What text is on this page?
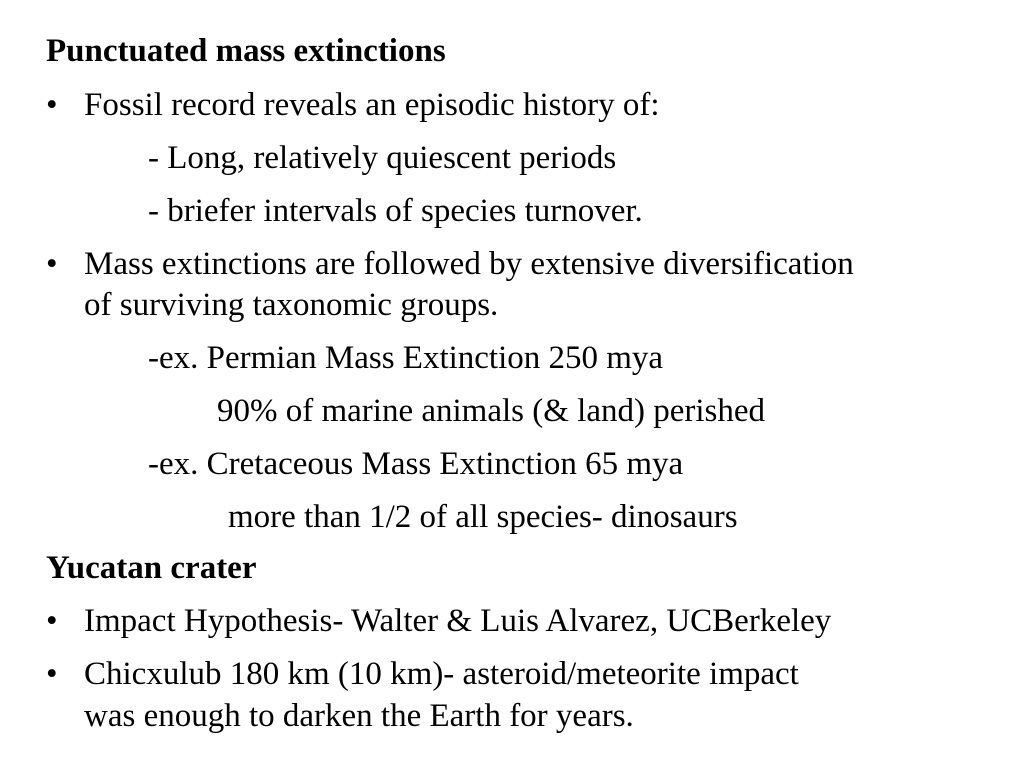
Punctuated mass extinctions
• Fossil record reveals an episodic history of:
- Long, relatively quiescent periods
- briefer intervals of species turnover.
• Mass extinctions are followed by extensive diversification
of surviving taxonomic groups.
-ex. Permian Mass Extinction 250 mya
90% of marine animals (& land) perished
-ex. Cretaceous Mass Extinction 65 mya
more than 1/2 of all species- dinosaurs
Yucatan crater
• Impact Hypothesis- Walter & Luis Alvarez, UCBerkeley
• Chicxulub 180 km (10 km)- asteroid/meteorite impact
was enough to darken the Earth for years.
